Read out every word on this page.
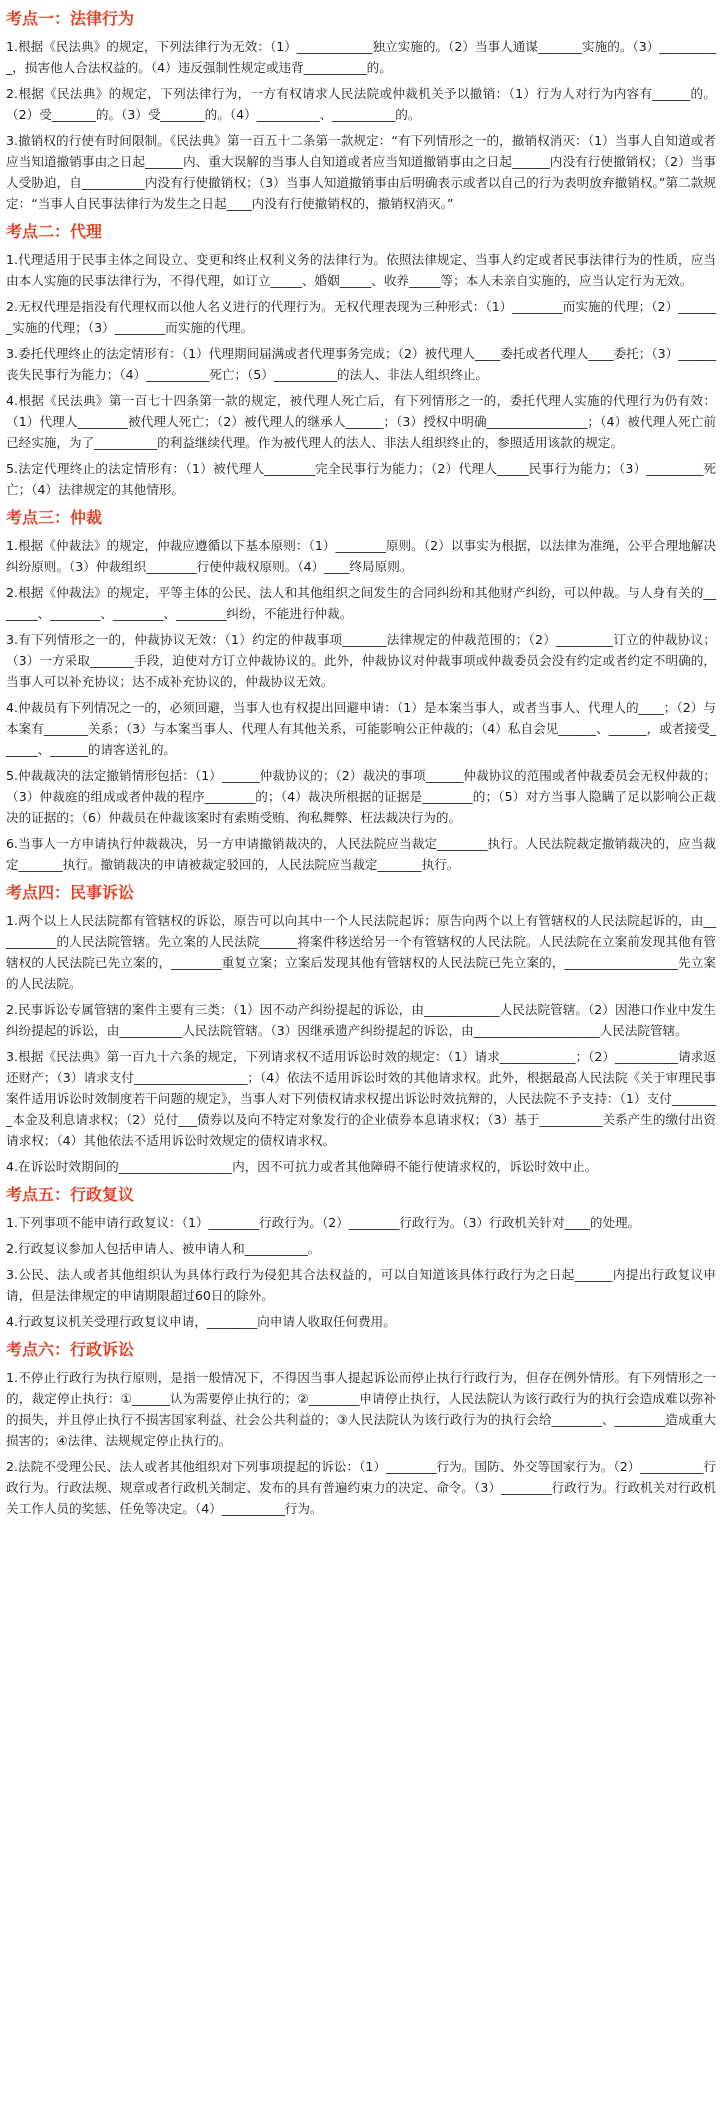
考点一：法律行为

1.根据《民法典》的规定，下列法律行为无效：（1）____________独立实施的。（2）当事人通谋_______实施的。（3）__________，损害他人合法权益的。（4）违反强制性规定或违背__________的。

2.根据《民法典》的规定，下列法律行为，一方有权请求人民法院或仲裁机关予以撤销：（1）行为人对行为内容有______的。（2）受_______的。（3）受_______的。（4）__________、__________的。

3.撤销权的行使有时间限制。《民法典》第一百五十二条第一款规定：“有下列情形之一的，撤销权消灭：（1）当事人自知道或者应当知道撤销事由之日起______内、重大误解的当事人自知道或者应当知道撤销事由之日起______内没有行使撤销权；（2）当事人受胁迫，自__________内没有行使撤销权；（3）当事人知道撤销事由后明确表示或者以自己的行为表明放弃撤销权。”第二款规定：“当事人自民事法律行为发生之日起____内没有行使撤销权的，撤销权消灭。”

考点二：代理

1.代理适用于民事主体之间设立、变更和终止权利义务的法律行为。依照法律规定、当事人约定或者民事法律行为的性质，应当由本人实施的民事法律行为，不得代理，如订立_____、婚姻_____、收养_____等；本人未亲自实施的，应当认定行为无效。

2.无权代理是指没有代理权而以他人名义进行的代理行为。无权代理表现为三种形式：（1）________而实施的代理；（2）_______实施的代理；（3）________而实施的代理。

3.委托代理终止的法定情形有：（1）代理期间届满或者代理事务完成；（2）被代理人____委托或者代理人____委托；（3）______丧失民事行为能力；（4）__________死亡；（5）__________的法人、非法人组织终止。

4.根据《民法典》第一百七十四条第一款的规定，被代理人死亡后，有下列情形之一的，委托代理人实施的代理行为仍有效：（1）代理人________被代理人死亡；（2）被代理人的继承人______；（3）授权中明确________________；（4）被代理人死亡前已经实施，为了__________的利益继续代理。作为被代理人的法人、非法人组织终止的，参照适用该款的规定。

5.法定代理终止的法定情形有：（1）被代理人________完全民事行为能力；（2）代理人_____民事行为能力；（3）_________死亡；（4）法律规定的其他情形。

考点三：仲裁

1.根据《仲裁法》的规定，仲裁应遵循以下基本原则：（1）________原则。（2）以事实为根据，以法律为准绳，公平合理地解决纠纷原则。（3）仲裁组织________行使仲裁权原则。（4）____终局原则。

2.根据《仲裁法》的规定，平等主体的公民、法人和其他组织之间发生的合同纠纷和其他财产纠纷，可以仲裁。与人身有关的_______、________、________、________纠纷，不能进行仲裁。

3.有下列情形之一的，仲裁协议无效：（1）约定的仲裁事项_______法律规定的仲裁范围的；（2）_________订立的仲裁协议；（3）一方采取_______手段，迫使对方订立仲裁协议的。此外，仲裁协议对仲裁事项或仲裁委员会没有约定或者约定不明确的，当事人可以补充协议；达不成补充协议的，仲裁协议无效。

4.仲裁员有下列情况之一的，必须回避，当事人也有权提出回避申请：（1）是本案当事人，或者当事人、代理人的____；（2）与本案有_______关系；（3）与本案当事人、代理人有其他关系，可能影响公正仲裁的；（4）私自会见______、______，或者接受______、______的请客送礼的。

5.仲裁裁决的法定撤销情形包括：（1）______仲裁协议的；（2）裁决的事项______仲裁协议的范围或者仲裁委员会无权仲裁的；（3）仲裁庭的组成或者仲裁的程序________的；（4）裁决所根据的证据是________的；（5）对方当事人隐瞒了足以影响公正裁决的证据的；（6）仲裁员在仲裁该案时有索贿受贿、徇私舞弊、枉法裁决行为的。

6.当事人一方申请执行仲裁裁决，另一方申请撤销裁决的，人民法院应当裁定________执行。人民法院裁定撤销裁决的，应当裁定_______执行。撤销裁决的申请被裁定驳回的，人民法院应当裁定_______执行。

考点四：民事诉讼

1.两个以上人民法院都有管辖权的诉讼，原告可以向其中一个人民法院起诉；原告向两个以上有管辖权的人民法院起诉的，由__________的人民法院管辖。先立案的人民法院______将案件移送给另一个有管辖权的人民法院。人民法院在立案前发现其他有管辖权的人民法院已先立案的，________重复立案；立案后发现其他有管辖权的人民法院已先立案的，__________________先立案的人民法院。

2.民事诉讼专属管辖的案件主要有三类：（1）因不动产纠纷提起的诉讼，由____________人民法院管辖。（2）因港口作业中发生纠纷提起的诉讼，由__________人民法院管辖。（3）因继承遗产纠纷提起的诉讼，由____________________人民法院管辖。

3.根据《民法典》第一百九十六条的规定，下列请求权不适用诉讼时效的规定：（1）请求____________；（2）__________请求返还财产；（3）请求支付__________________；（4）依法不适用诉讼时效的其他请求权。此外，根据最高人民法院《关于审理民事案件适用诉讼时效制度若干问题的规定》，当事人对下列债权请求权提出诉讼时效抗辩的，人民法院不予支持：（1）支付________本金及利息请求权；（2）兑付___债券以及向不特定对象发行的企业债券本息请求权；（3）基于__________关系产生的缴付出资请求权；（4）其他依法不适用诉讼时效规定的债权请求权。

4.在诉讼时效期间的__________________内，因不可抗力或者其他障碍不能行使请求权的，诉讼时效中止。

考点五：行政复议

1.下列事项不能申请行政复议：（1）________行政行为。（2）________行政行为。（3）行政机关针对____的处理。

2.行政复议参加人包括申请人、被申请人和__________。

3.公民、法人或者其他组织认为具体行政行为侵犯其合法权益的，可以自知道该具体行政行为之日起______内提出行政复议申请，但是法律规定的申请期限超过60日的除外。

4.行政复议机关受理行政复议申请，________向申请人收取任何费用。

考点六：行政诉讼

1.不停止行政行为执行原则，是指一般情况下，不得因当事人提起诉讼而停止执行行政行为，但存在例外情形。有下列情形之一的，裁定停止执行：①______认为需要停止执行的；②________申请停止执行，人民法院认为该行政行为的执行会造成难以弥补的损失，并且停止执行不损害国家利益、社会公共利益的；③人民法院认为该行政行为的执行会给________、________造成重大损害的；④法律、法规规定停止执行的。

2.法院不受理公民、法人或者其他组织对下列事项提起的诉讼：（1）________行为。国防、外交等国家行为。（2）__________行政行为。行政法规、规章或者行政机关制定、发布的具有普遍约束力的决定、命令。（3）________行政行为。行政机关对行政机关工作人员的奖惩、任免等决定。（4）__________行为。
